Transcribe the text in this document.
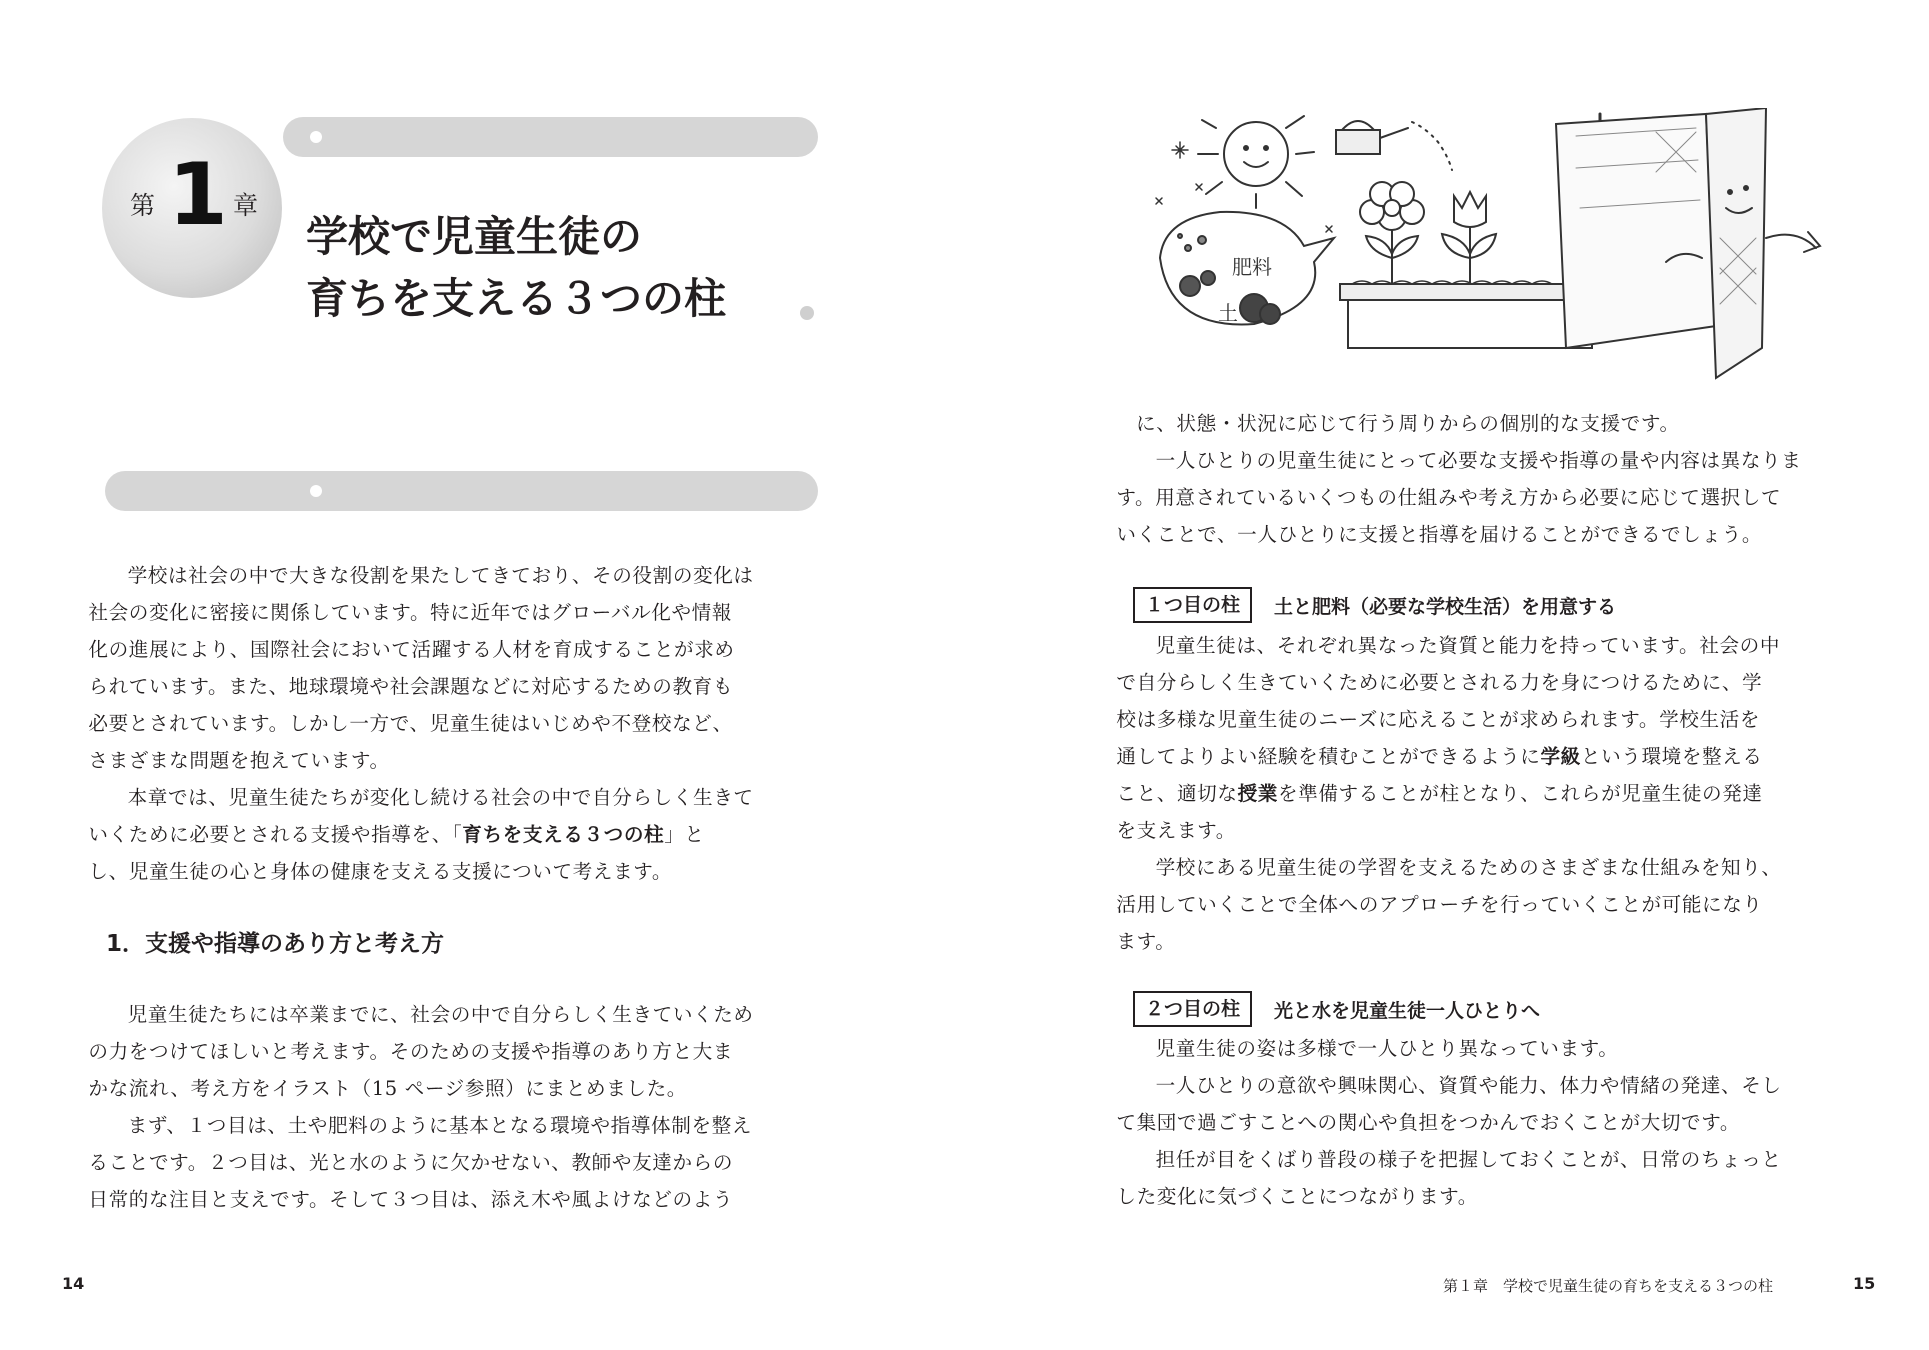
第 1 章
学校で児童生徒の
育ちを支える３つの柱

学校は社会の中で大きな役割を果たしてきており、その役割の変化は
社会の変化に密接に関係しています。特に近年ではグローバル化や情報
化の進展により、国際社会において活躍する人材を育成することが求め
られています。また、地球環境や社会課題などに対応するための教育も
必要とされています。しかし一方で、児童生徒はいじめや不登校など、
さまざまな問題を抱えています。

本章では、児童生徒たちが変化し続ける社会の中で自分らしく生きて
いくために必要とされる支援や指導を、「育ちを支える３つの柱」と
し、児童生徒の心と身体の健康を支える支援について考えます。

1．支援や指導のあり方と考え方

児童生徒たちには卒業までに、社会の中で自分らしく生きていくため
の力をつけてほしいと考えます。そのための支援や指導のあり方と大ま
かな流れ、考え方をイラスト（15 ページ参照）にまとめました。

まず、１つ目は、土や肥料のように基本となる環境や指導体制を整え
ることです。２つ目は、光と水のように欠かせない、教師や友達からの
日常的な注目と支えです。そして３つ目は、添え木や風よけなどのよう

14
肥料
土

に、状態・状況に応じて行う周りからの個別的な支援です。

一人ひとりの児童生徒にとって必要な支援や指導の量や内容は異なりま
す。用意されているいくつもの仕組みや考え方から必要に応じて選択して
いくことで、一人ひとりに支援と指導を届けることができるでしょう。

１つ目の柱	土と肥料（必要な学校生活）を用意する

児童生徒は、それぞれ異なった資質と能力を持っています。社会の中
で自分らしく生きていくために必要とされる力を身につけるために、学
校は多様な児童生徒のニーズに応えることが求められます。学校生活を
通してよりよい経験を積むことができるように学級という環境を整える
こと、適切な授業を準備することが柱となり、これらが児童生徒の発達
を支えます。

学校にある児童生徒の学習を支えるためのさまざまな仕組みを知り、
活用していくことで全体へのアプローチを行っていくことが可能になり
ます。

２つ目の柱	光と水を児童生徒一人ひとりへ

児童生徒の姿は多様で一人ひとり異なっています。

一人ひとりの意欲や興味関心、資質や能力、体力や情緒の発達、そし
て集団で過ごすことへの関心や負担をつかんでおくことが大切です。

担任が目をくばり普段の様子を把握しておくことが、日常のちょっと
した変化に気づくことにつながります。

第１章　学校で児童生徒の育ちを支える３つの柱	15
